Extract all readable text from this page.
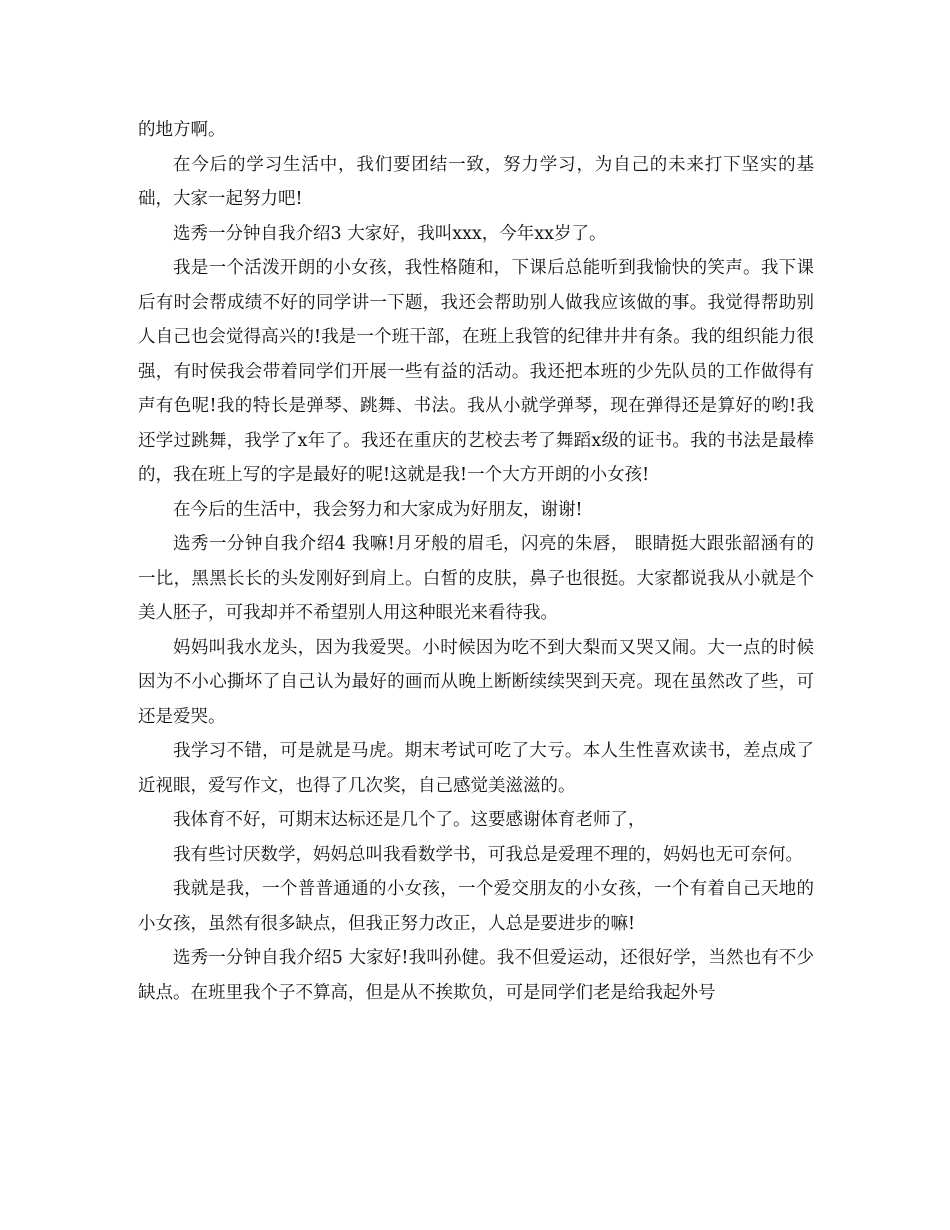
的地方啊。

在今后的学习生活中，我们要团结一致，努力学习，为自己的未来打下坚实的基础，大家一起努力吧!

选秀一分钟自我介绍3 大家好，我叫xxx，今年xx岁了。

我是一个活泼开朗的小女孩，我性格随和，下课后总能听到我愉快的笑声。我下课后有时会帮成绩不好的同学讲一下题，我还会帮助别人做我应该做的事。我觉得帮助别人自己也会觉得高兴的!我是一个班干部，在班上我管的纪律井井有条。我的组织能力很强，有时侯我会带着同学们开展一些有益的活动。我还把本班的少先队员的工作做得有声有色呢!我的特长是弹琴、跳舞、书法。我从小就学弹琴，现在弹得还是算好的哟!我还学过跳舞，我学了x年了。我还在重庆的艺校去考了舞蹈x级的证书。我的书法是最棒的，我在班上写的字是最好的呢!这就是我!一个大方开朗的小女孩!

在今后的生活中，我会努力和大家成为好朋友，谢谢!

选秀一分钟自我介绍4 我嘛!月牙般的眉毛，闪亮的朱唇， 眼睛挺大跟张韶涵有的一比，黑黑长长的头发刚好到肩上。白皙的皮肤，鼻子也很挺。大家都说我从小就是个美人胚子，可我却并不希望别人用这种眼光来看待我。

妈妈叫我水龙头，因为我爱哭。小时候因为吃不到大梨而又哭又闹。大一点的时候因为不小心撕坏了自己认为最好的画而从晚上断断续续哭到天亮。现在虽然改了些，可还是爱哭。

我学习不错，可是就是马虎。期末考试可吃了大亏。本人生性喜欢读书，差点成了近视眼，爱写作文，也得了几次奖，自己感觉美滋滋的。

我体育不好，可期末达标还是几个了。这要感谢体育老师了，

我有些讨厌数学，妈妈总叫我看数学书，可我总是爱理不理的，妈妈也无可奈何。

我就是我，一个普普通通的小女孩，一个爱交朋友的小女孩，一个有着自己天地的小女孩，虽然有很多缺点，但我正努力改正，人总是要进步的嘛!

选秀一分钟自我介绍5 大家好!我叫孙健。我不但爱运动，还很好学，当然也有不少缺点。在班里我个子不算高，但是从不挨欺负，可是同学们老是给我起外号
